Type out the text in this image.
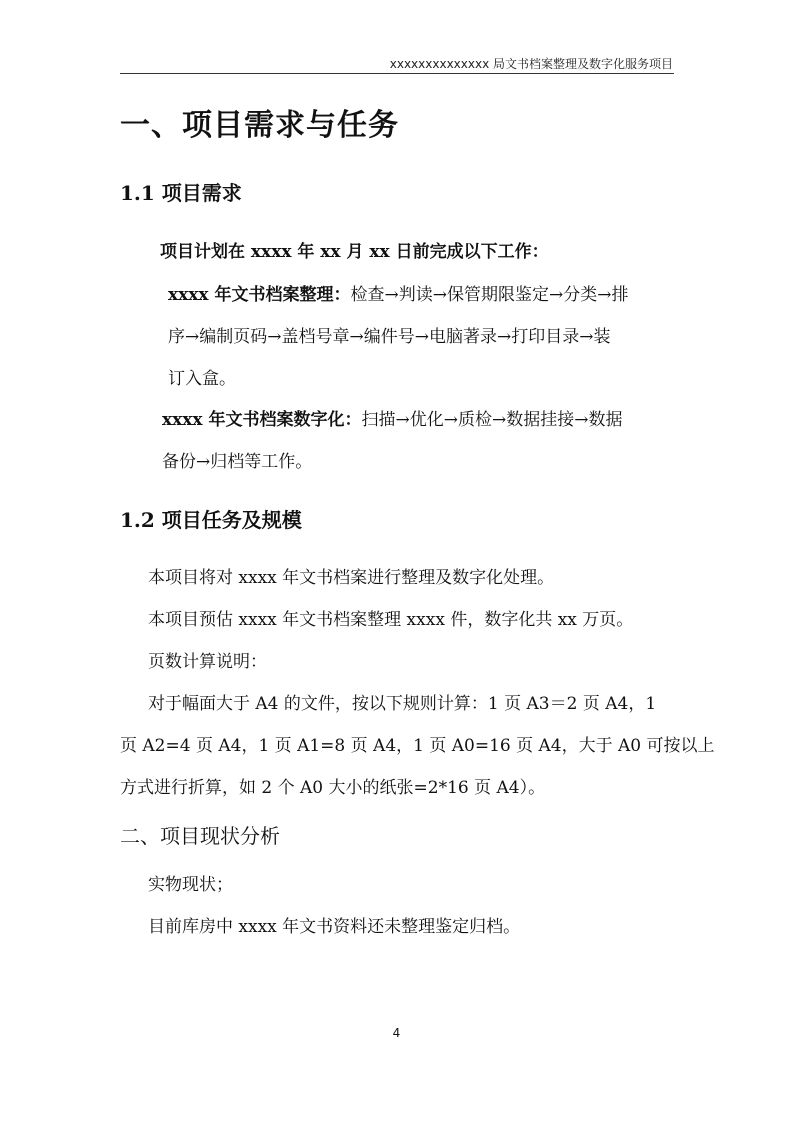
xxxxxxxxxxxxxx 局文书档案整理及数字化服务项目
一、项目需求与任务
1.1 项目需求
项目计划在 xxxx 年 xx 月 xx 日前完成以下工作：
xxxx 年文书档案整理：检查→判读→保管期限鉴定→分类→排
序→编制页码→盖档号章→编件号→电脑著录→打印目录→装
订入盒。
xxxx 年文书档案数字化：扫描→优化→质检→数据挂接→数据
备份→归档等工作。
1.2 项目任务及规模
本项目将对 xxxx 年文书档案进行整理及数字化处理。
本项目预估 xxxx 年文书档案整理 xxxx 件，数字化共 xx 万页。
页数计算说明：
对于幅面大于 A4 的文件，按以下规则计算：1 页 A3＝2 页 A4，1
页 A2=4 页 A4，1 页 A1=8 页 A4，1 页 A0=16 页 A4，大于 A0 可按以上
方式进行折算，如 2 个 A0 大小的纸张=2*16 页 A4）。
二、项目现状分析
实物现状；
目前库房中 xxxx 年文书资料还未整理鉴定归档。
4
